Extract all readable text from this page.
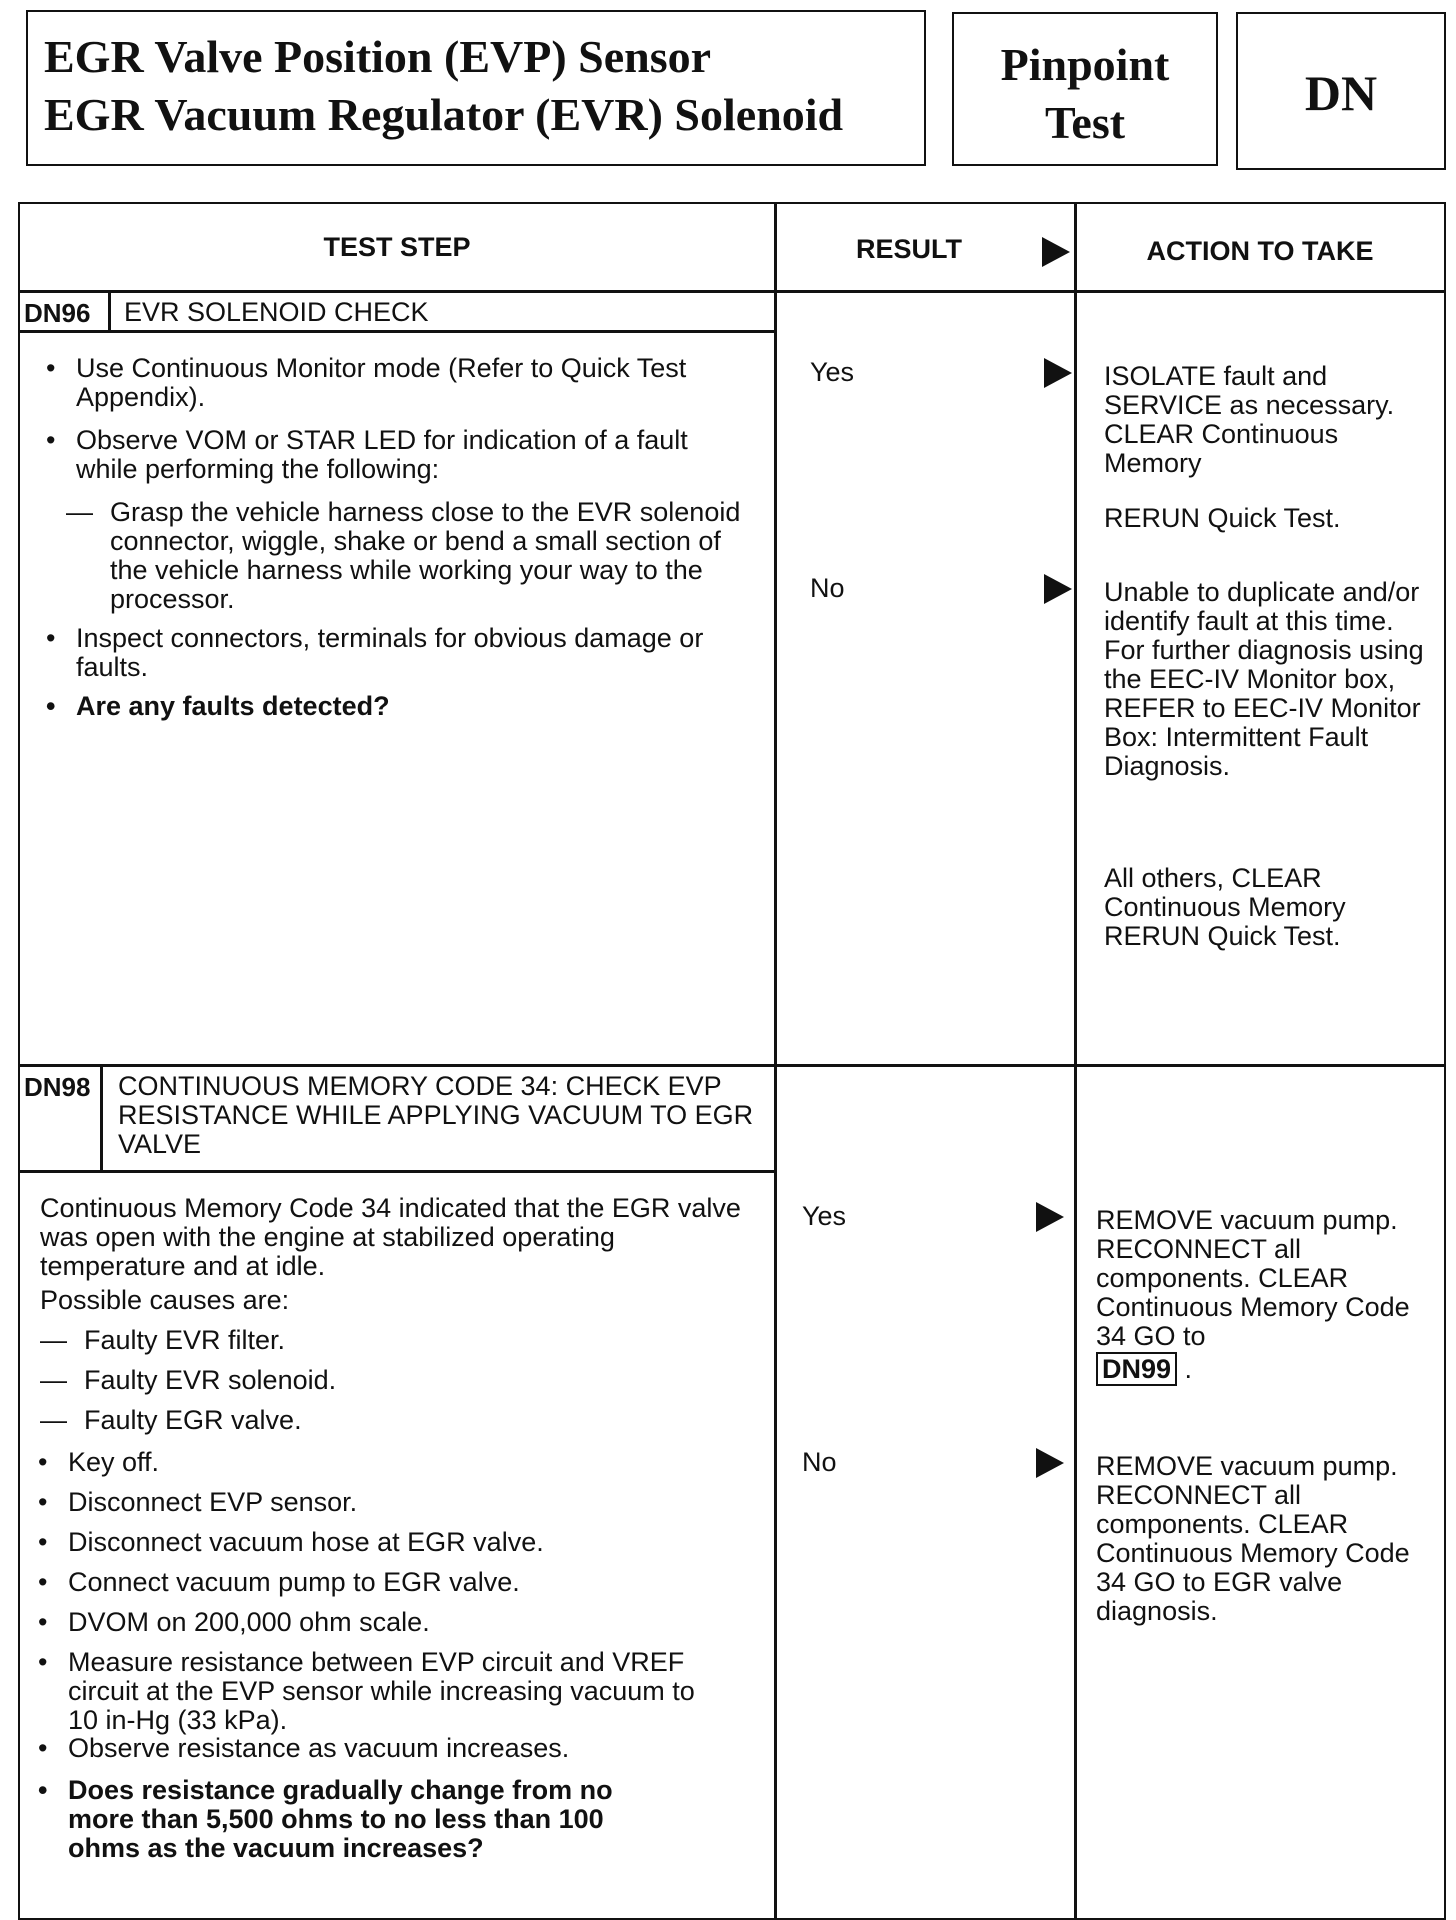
EGR Valve Position (EVP) Sensor
EGR Vacuum Regulator (EVR) Solenoid
Pinpoint
Test
DN
TEST STEP	RESULT	ACTION TO TAKE
DN96 EVR SOLENOID CHECK
• Use Continuous Monitor mode (Refer to Quick Test Appendix).
• Observe VOM or STAR LED for indication of a fault while performing the following:
— Grasp the vehicle harness close to the EVR solenoid connector, wiggle, shake or bend a small section of the vehicle harness while working your way to the processor.
• Inspect connectors, terminals for obvious damage or faults.
• Are any faults detected?
Yes	ISOLATE fault and SERVICE as necessary. CLEAR Continuous Memory
RERUN Quick Test.
No	Unable to duplicate and/or identify fault at this time. For further diagnosis using the EEC-IV Monitor box, REFER to EEC-IV Monitor Box: Intermittent Fault Diagnosis.
All others, CLEAR Continuous Memory RERUN Quick Test.
DN98 CONTINUOUS MEMORY CODE 34: CHECK EVP RESISTANCE WHILE APPLYING VACUUM TO EGR VALVE
Continuous Memory Code 34 indicated that the EGR valve was open with the engine at stabilized operating temperature and at idle.
Possible causes are:
— Faulty EVR filter.
— Faulty EVR solenoid.
— Faulty EGR valve.
• Key off.
• Disconnect EVP sensor.
• Disconnect vacuum hose at EGR valve.
• Connect vacuum pump to EGR valve.
• DVOM on 200,000 ohm scale.
• Measure resistance between EVP circuit and VREF circuit at the EVP sensor while increasing vacuum to 10 in-Hg (33 kPa).
• Observe resistance as vacuum increases.
• Does resistance gradually change from no more than 5,500 ohms to no less than 100 ohms as the vacuum increases?
Yes	REMOVE vacuum pump. RECONNECT all components. CLEAR Continuous Memory Code 34 GO to
DN99 .
No	REMOVE vacuum pump. RECONNECT all components. CLEAR Continuous Memory Code 34 GO to EGR valve diagnosis.
